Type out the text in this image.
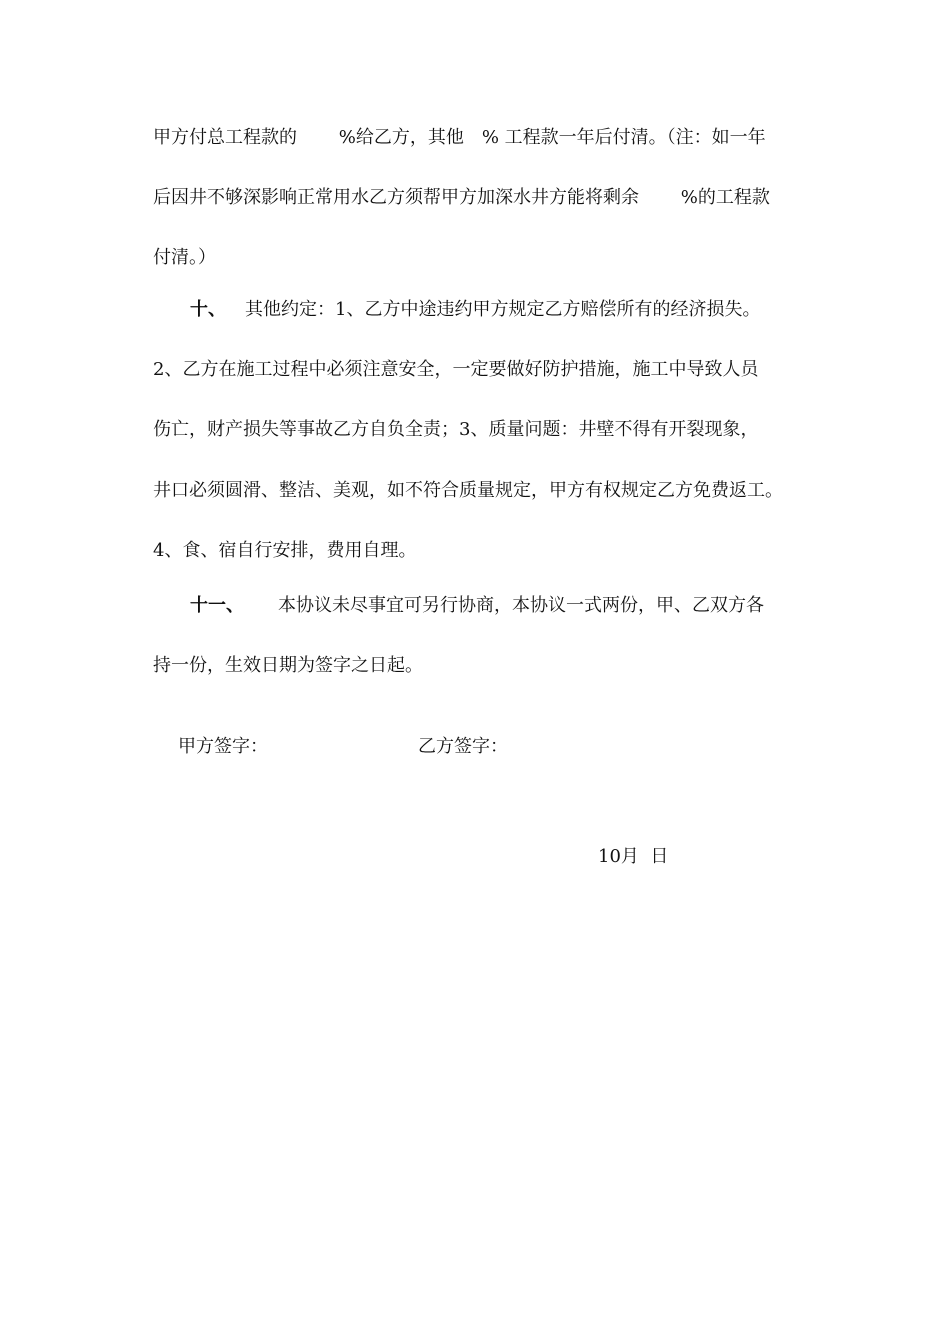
甲方付总工程款的　　 %给乙方，其他　% 工程款一年后付清。（注：如一年
后因井不够深影响正常用水乙方须帮甲方加深水井方能将剩余　　 %的工程款
付清。）
十、 其他约定：1、乙方中途违约甲方规定乙方赔偿所有的经济损失。
2、乙方在施工过程中必须注意安全，一定要做好防护措施，施工中导致人员
伤亡，财产损失等事故乙方自负全责；3、质量问题：井壁不得有开裂现象，
井口必须圆滑、整洁、美观，如不符合质量规定，甲方有权规定乙方免费返工。
4、食、宿自行安排，费用自理。
十一、 本协议未尽事宜可另行协商，本协议一式两份，甲、乙双方各
持一份，生效日期为签字之日起。
甲方签字：	乙方签字：
10月  日
